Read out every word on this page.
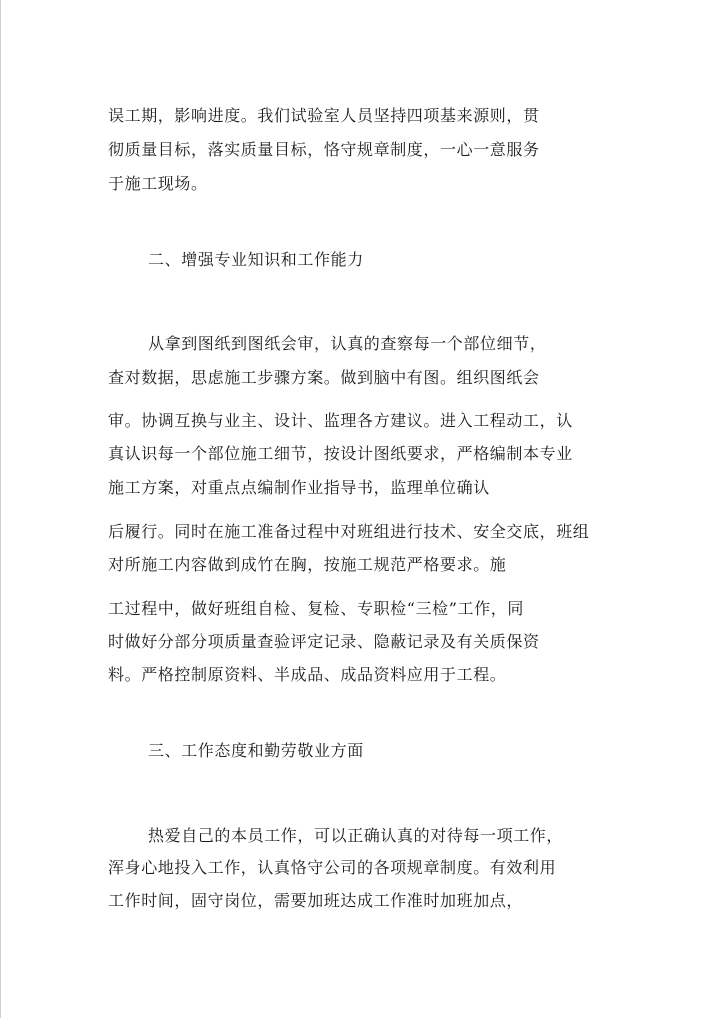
误工期，影响进度。我们试验室人员坚持四项基来源则，贯
彻质量目标，落实质量目标，恪守规章制度，一心一意服务
于施工现场。
二、增强专业知识和工作能力
从拿到图纸到图纸会审，认真的查察每一个部位细节，
查对数据，思虑施工步骤方案。做到脑中有图。组织图纸会
审。协调互换与业主、设计、监理各方建议。进入工程动工，认
真认识每一个部位施工细节，按设计图纸要求，严格编制本专业
施工方案，对重点点编制作业指导书，监理单位确认
后履行。同时在施工准备过程中对班组进行技术、安全交底，班组
对所施工内容做到成竹在胸，按施工规范严格要求。施
工过程中，做好班组自检、复检、专职检“三检”工作，同
时做好分部分项质量查验评定记录、隐蔽记录及有关质保资
料。严格控制原资料、半成品、成品资料应用于工程。
三、工作态度和勤劳敬业方面
热爱自己的本员工作，可以正确认真的对待每一项工作，
浑身心地投入工作，认真恪守公司的各项规章制度。有效利用
工作时间，固守岗位，需要加班达成工作准时加班加点，
